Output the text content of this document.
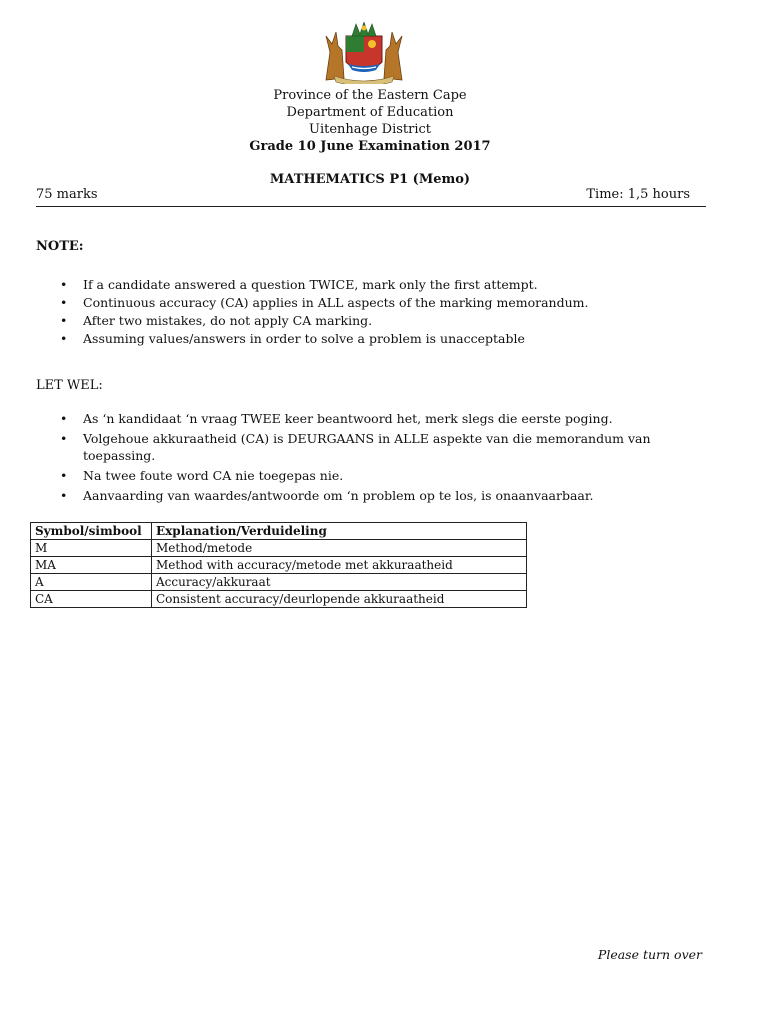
Province of the Eastern Cape
Department of Education
Uitenhage District
Grade 10 June Examination 2017
MATHEMATICS P1 (Memo)
75 marks	Time: 1,5 hours
NOTE:
• If a candidate answered a question TWICE, mark only the first attempt.
• Continuous accuracy (CA) applies in ALL aspects of the marking memorandum.
• After two mistakes, do not apply CA marking.
• Assuming values/answers in order to solve a problem is unacceptable
LET WEL:
• As ‘n kandidaat ‘n vraag TWEE keer beantwoord het, merk slegs die eerste poging.
• Volgehoue akkuraatheid (CA) is DEURGAANS in ALLE aspekte van die memorandum van toepassing.
• Na twee foute word CA nie toegepas nie.
• Aanvaarding van waardes/antwoorde om ‘n problem op te los, is onaanvaarbaar.
Symbol/simbool	Explanation/Verduideling
M	Method/metode
MA	Method with accuracy/metode met akkuraatheid
A	Accuracy/akkuraat
CA	Consistent accuracy/deurlopende akkuraatheid
Please turn over
